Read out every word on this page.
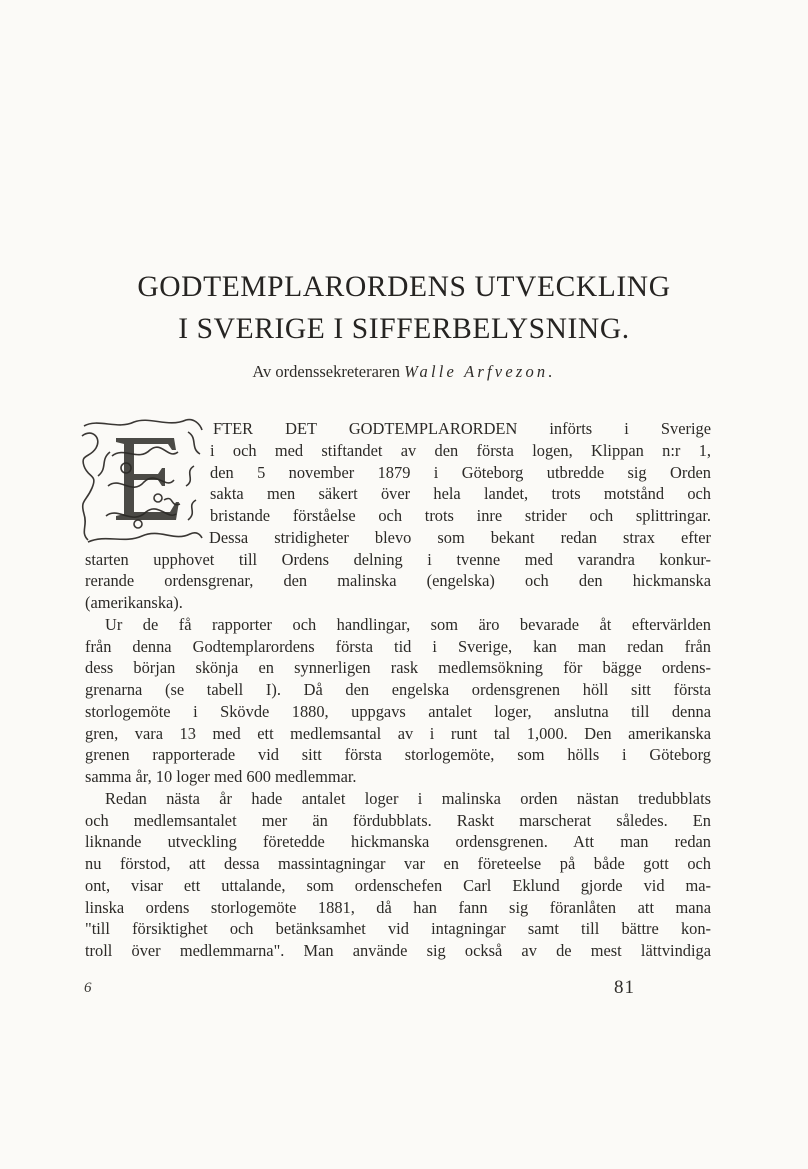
GODTEMPLARORDENS UTVECKLING
I SVERIGE I SIFFERBELYSNING.
Av ordenssekreteraren Walle Arfvezon.
E
FTER DET GODTEMPLARORDEN införts i Sverige
i och med stiftandet av den första logen, Klippan n:r 1,
den 5 november 1879 i Göteborg utbredde sig Orden
sakta men säkert över hela landet, trots motstånd och
bristande förståelse och trots inre strider och splittringar.
Dessa stridigheter blevo som bekant redan strax efter
starten upphovet till Ordens delning i tvenne med varandra konkur-
rerande ordensgrenar, den malinska (engelska) och den hickmanska
(amerikanska).
Ur de få rapporter och handlingar, som äro bevarade åt eftervärlden
från denna Godtemplarordens första tid i Sverige, kan man redan från
dess början skönja en synnerligen rask medlemsökning för bägge ordens-
grenarna (se tabell I). Då den engelska ordensgrenen höll sitt första
storlogemöte i Skövde 1880, uppgavs antalet loger, anslutna till denna
gren, vara 13 med ett medlemsantal av i runt tal 1,000. Den amerikanska
grenen rapporterade vid sitt första storlogemöte, som hölls i Göteborg
samma år, 10 loger med 600 medlemmar.
Redan nästa år hade antalet loger i malinska orden nästan tredubblats
och medlemsantalet mer än fördubblats. Raskt marscherat således. En
liknande utveckling företedde hickmanska ordensgrenen. Att man redan
nu förstod, att dessa massintagningar var en företeelse på både gott och
ont, visar ett uttalande, som ordenschefen Carl Eklund gjorde vid ma-
linska ordens storlogemöte 1881, då han fann sig föranlåten att mana
"till försiktighet och betänksamhet vid intagningar samt till bättre kon-
troll över medlemmarna". Man använde sig också av de mest lättvindiga
6	81
